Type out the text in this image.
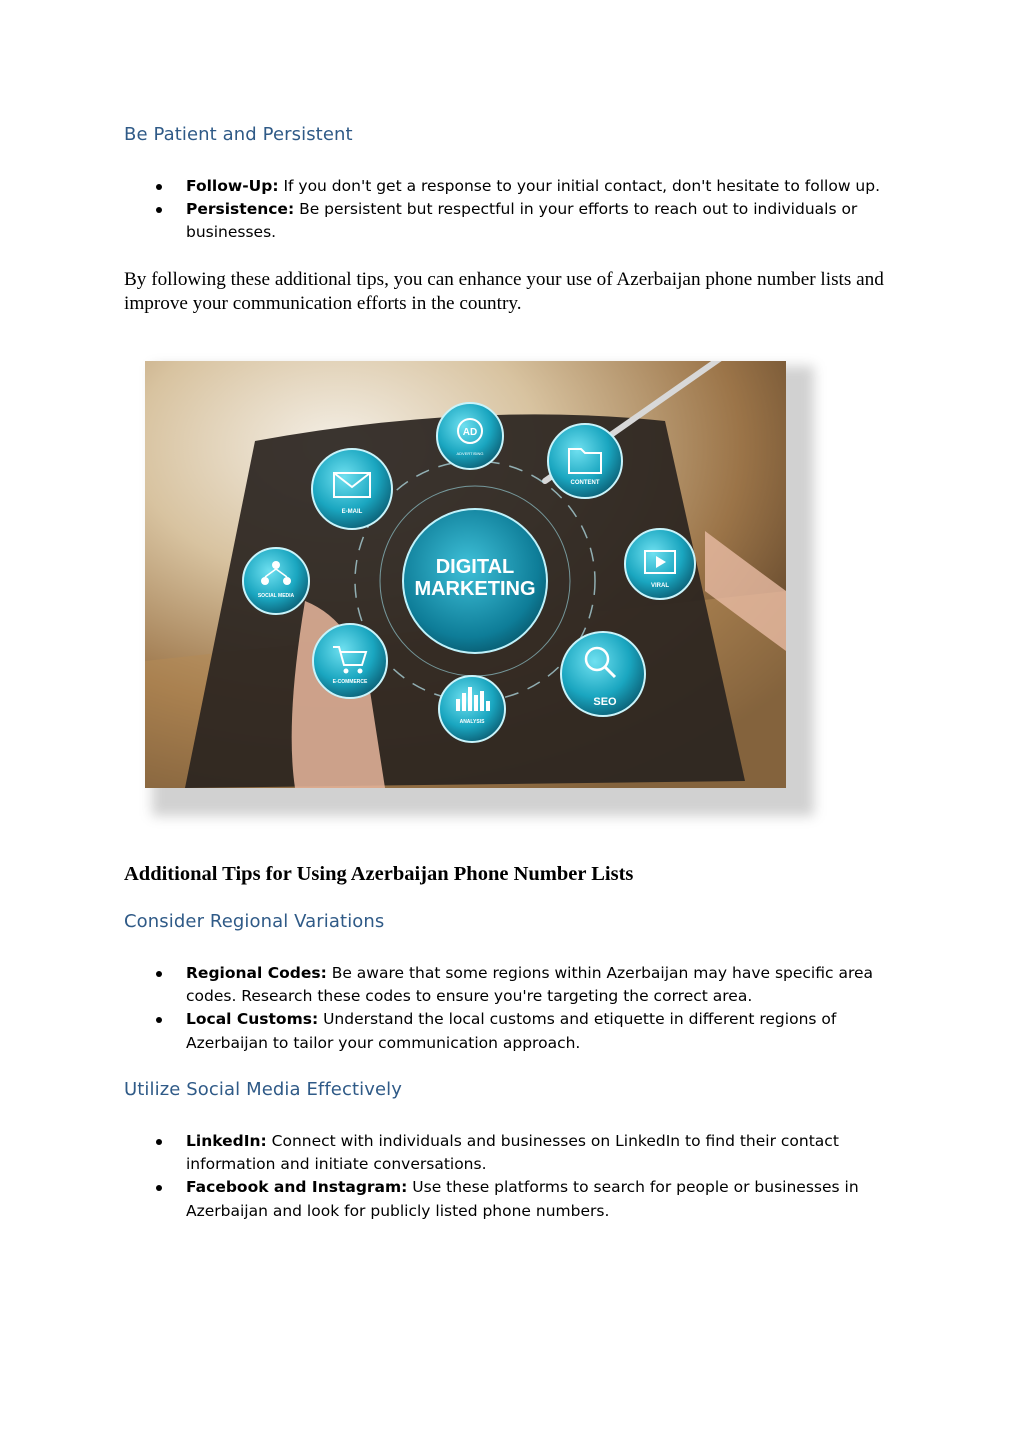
Be Patient and Persistent
Follow-Up: If you don't get a response to your initial contact, don't hesitate to follow up.
Persistence: Be persistent but respectful in your efforts to reach out to individuals or businesses.

By following these additional tips, you can enhance your use of Azerbaijan phone number lists and improve your communication efforts in the country.

DIGITAL
MARKETING
E-MAIL
AD
ADVERTISING
CONTENT
VIRAL
SEO
ANALYSIS
E-COMMERCE
SOCIAL MEDIA
Additional Tips for Using Azerbaijan Phone Number Lists
Consider Regional Variations
Regional Codes: Be aware that some regions within Azerbaijan may have specific area codes. Research these codes to ensure you're targeting the correct area.
Local Customs: Understand the local customs and etiquette in different regions of Azerbaijan to tailor your communication approach.
Utilize Social Media Effectively
LinkedIn: Connect with individuals and businesses on LinkedIn to find their contact information and initiate conversations.
Facebook and Instagram: Use these platforms to search for people or businesses in Azerbaijan and look for publicly listed phone numbers.
